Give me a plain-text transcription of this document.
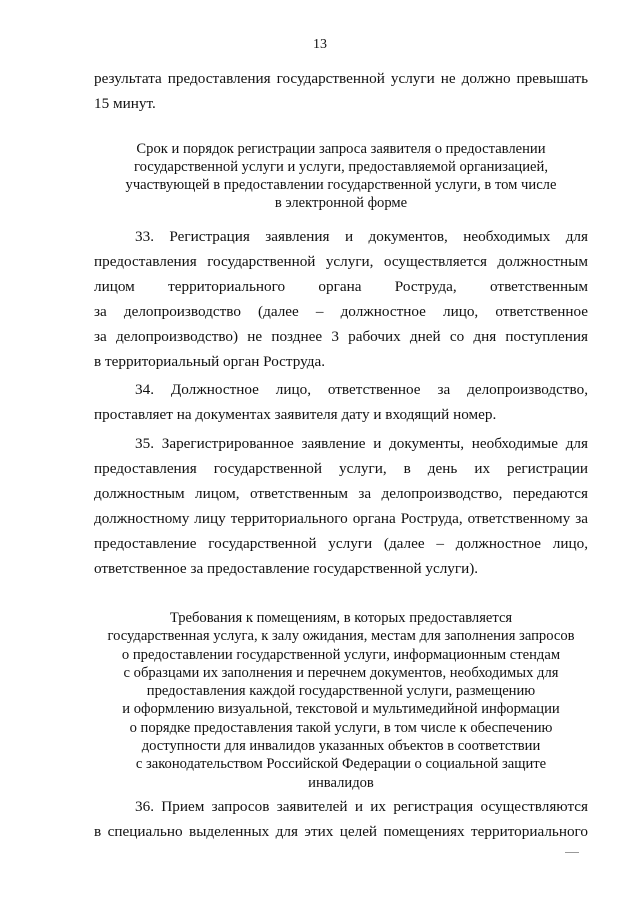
13
результата предоставления государственной услуги не должно превышать
15 минут.
Срок и порядок регистрации запроса заявителя о предоставлении
государственной услуги и услуги, предоставляемой организацией,
участвующей в предоставлении государственной услуги, в том числе
в электронной форме
33. Регистрация заявления и документов, необходимых для
предоставления государственной услуги, осуществляется должностным
лицом территориального органа Роструда, ответственным
за делопроизводство (далее – должностное лицо, ответственное
за делопроизводство) не позднее 3 рабочих дней со дня поступления
в территориальный орган Роструда.
34. Должностное лицо, ответственное за делопроизводство,
проставляет на документах заявителя дату и входящий номер.
35. Зарегистрированное заявление и документы, необходимые для
предоставления государственной услуги, в день их регистрации
должностным лицом, ответственным за делопроизводство, передаются
должностному лицу территориального органа Роструда, ответственному за
предоставление государственной услуги (далее – должностное лицо,
ответственное за предоставление государственной услуги).
Требования к помещениям, в которых предоставляется
государственная услуга, к залу ожидания, местам для заполнения запросов
о предоставлении государственной услуги, информационным стендам
с образцами их заполнения и перечнем документов, необходимых для
предоставления каждой государственной услуги, размещению
и оформлению визуальной, текстовой и мультимедийной информации
о порядке предоставления такой услуги, в том числе к обеспечению
доступности для инвалидов указанных объектов в соответствии
с законодательством Российской Федерации о социальной защите
инвалидов
36. Прием запросов заявителей и их регистрация осуществляются
в специально выделенных для этих целей помещениях территориального
